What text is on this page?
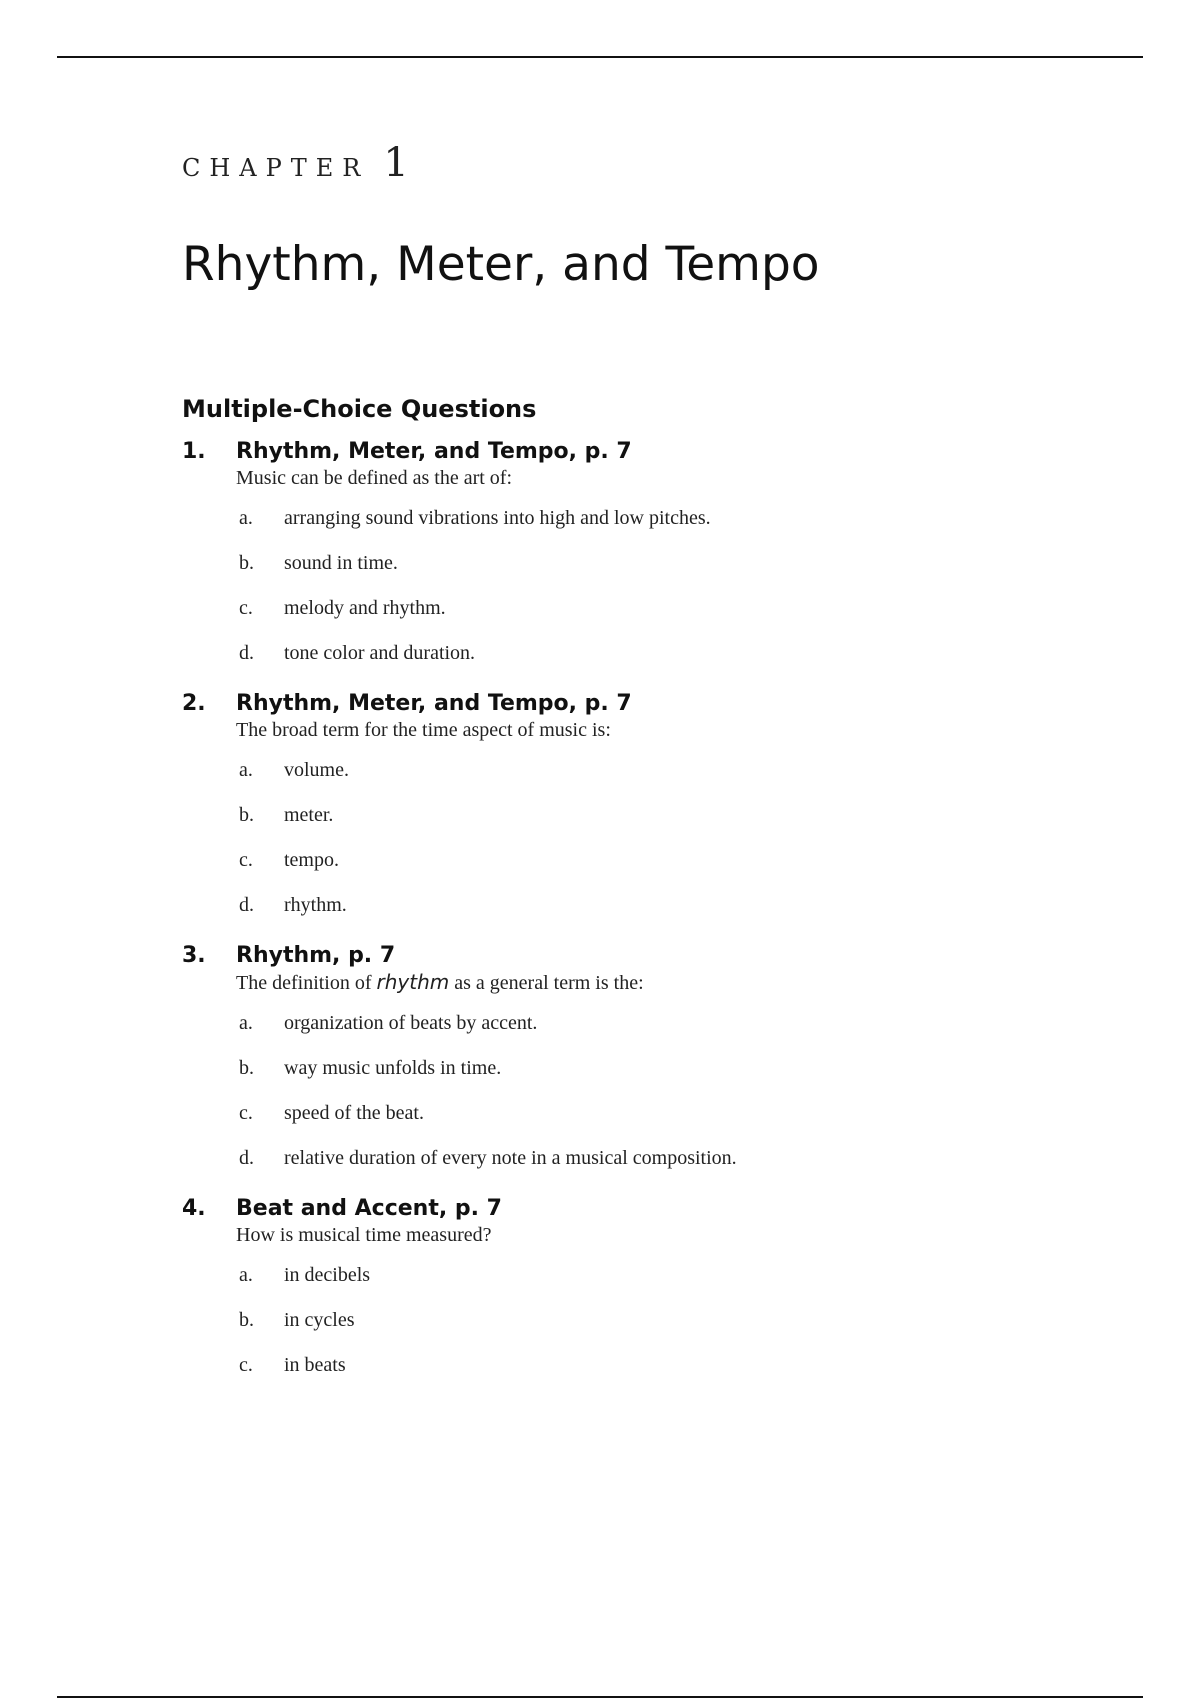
CHAPTER 1
Rhythm, Meter, and Tempo
Multiple-Choice Questions
1. Rhythm, Meter, and Tempo, p. 7
Music can be defined as the art of:
a. arranging sound vibrations into high and low pitches.
b. sound in time.
c. melody and rhythm.
d. tone color and duration.
2. Rhythm, Meter, and Tempo, p. 7
The broad term for the time aspect of music is:
a. volume.
b. meter.
c. tempo.
d. rhythm.
3. Rhythm, p. 7
The definition of rhythm as a general term is the:
a. organization of beats by accent.
b. way music unfolds in time.
c. speed of the beat.
d. relative duration of every note in a musical composition.
4. Beat and Accent, p. 7
How is musical time measured?
a. in decibels
b. in cycles
c. in beats
